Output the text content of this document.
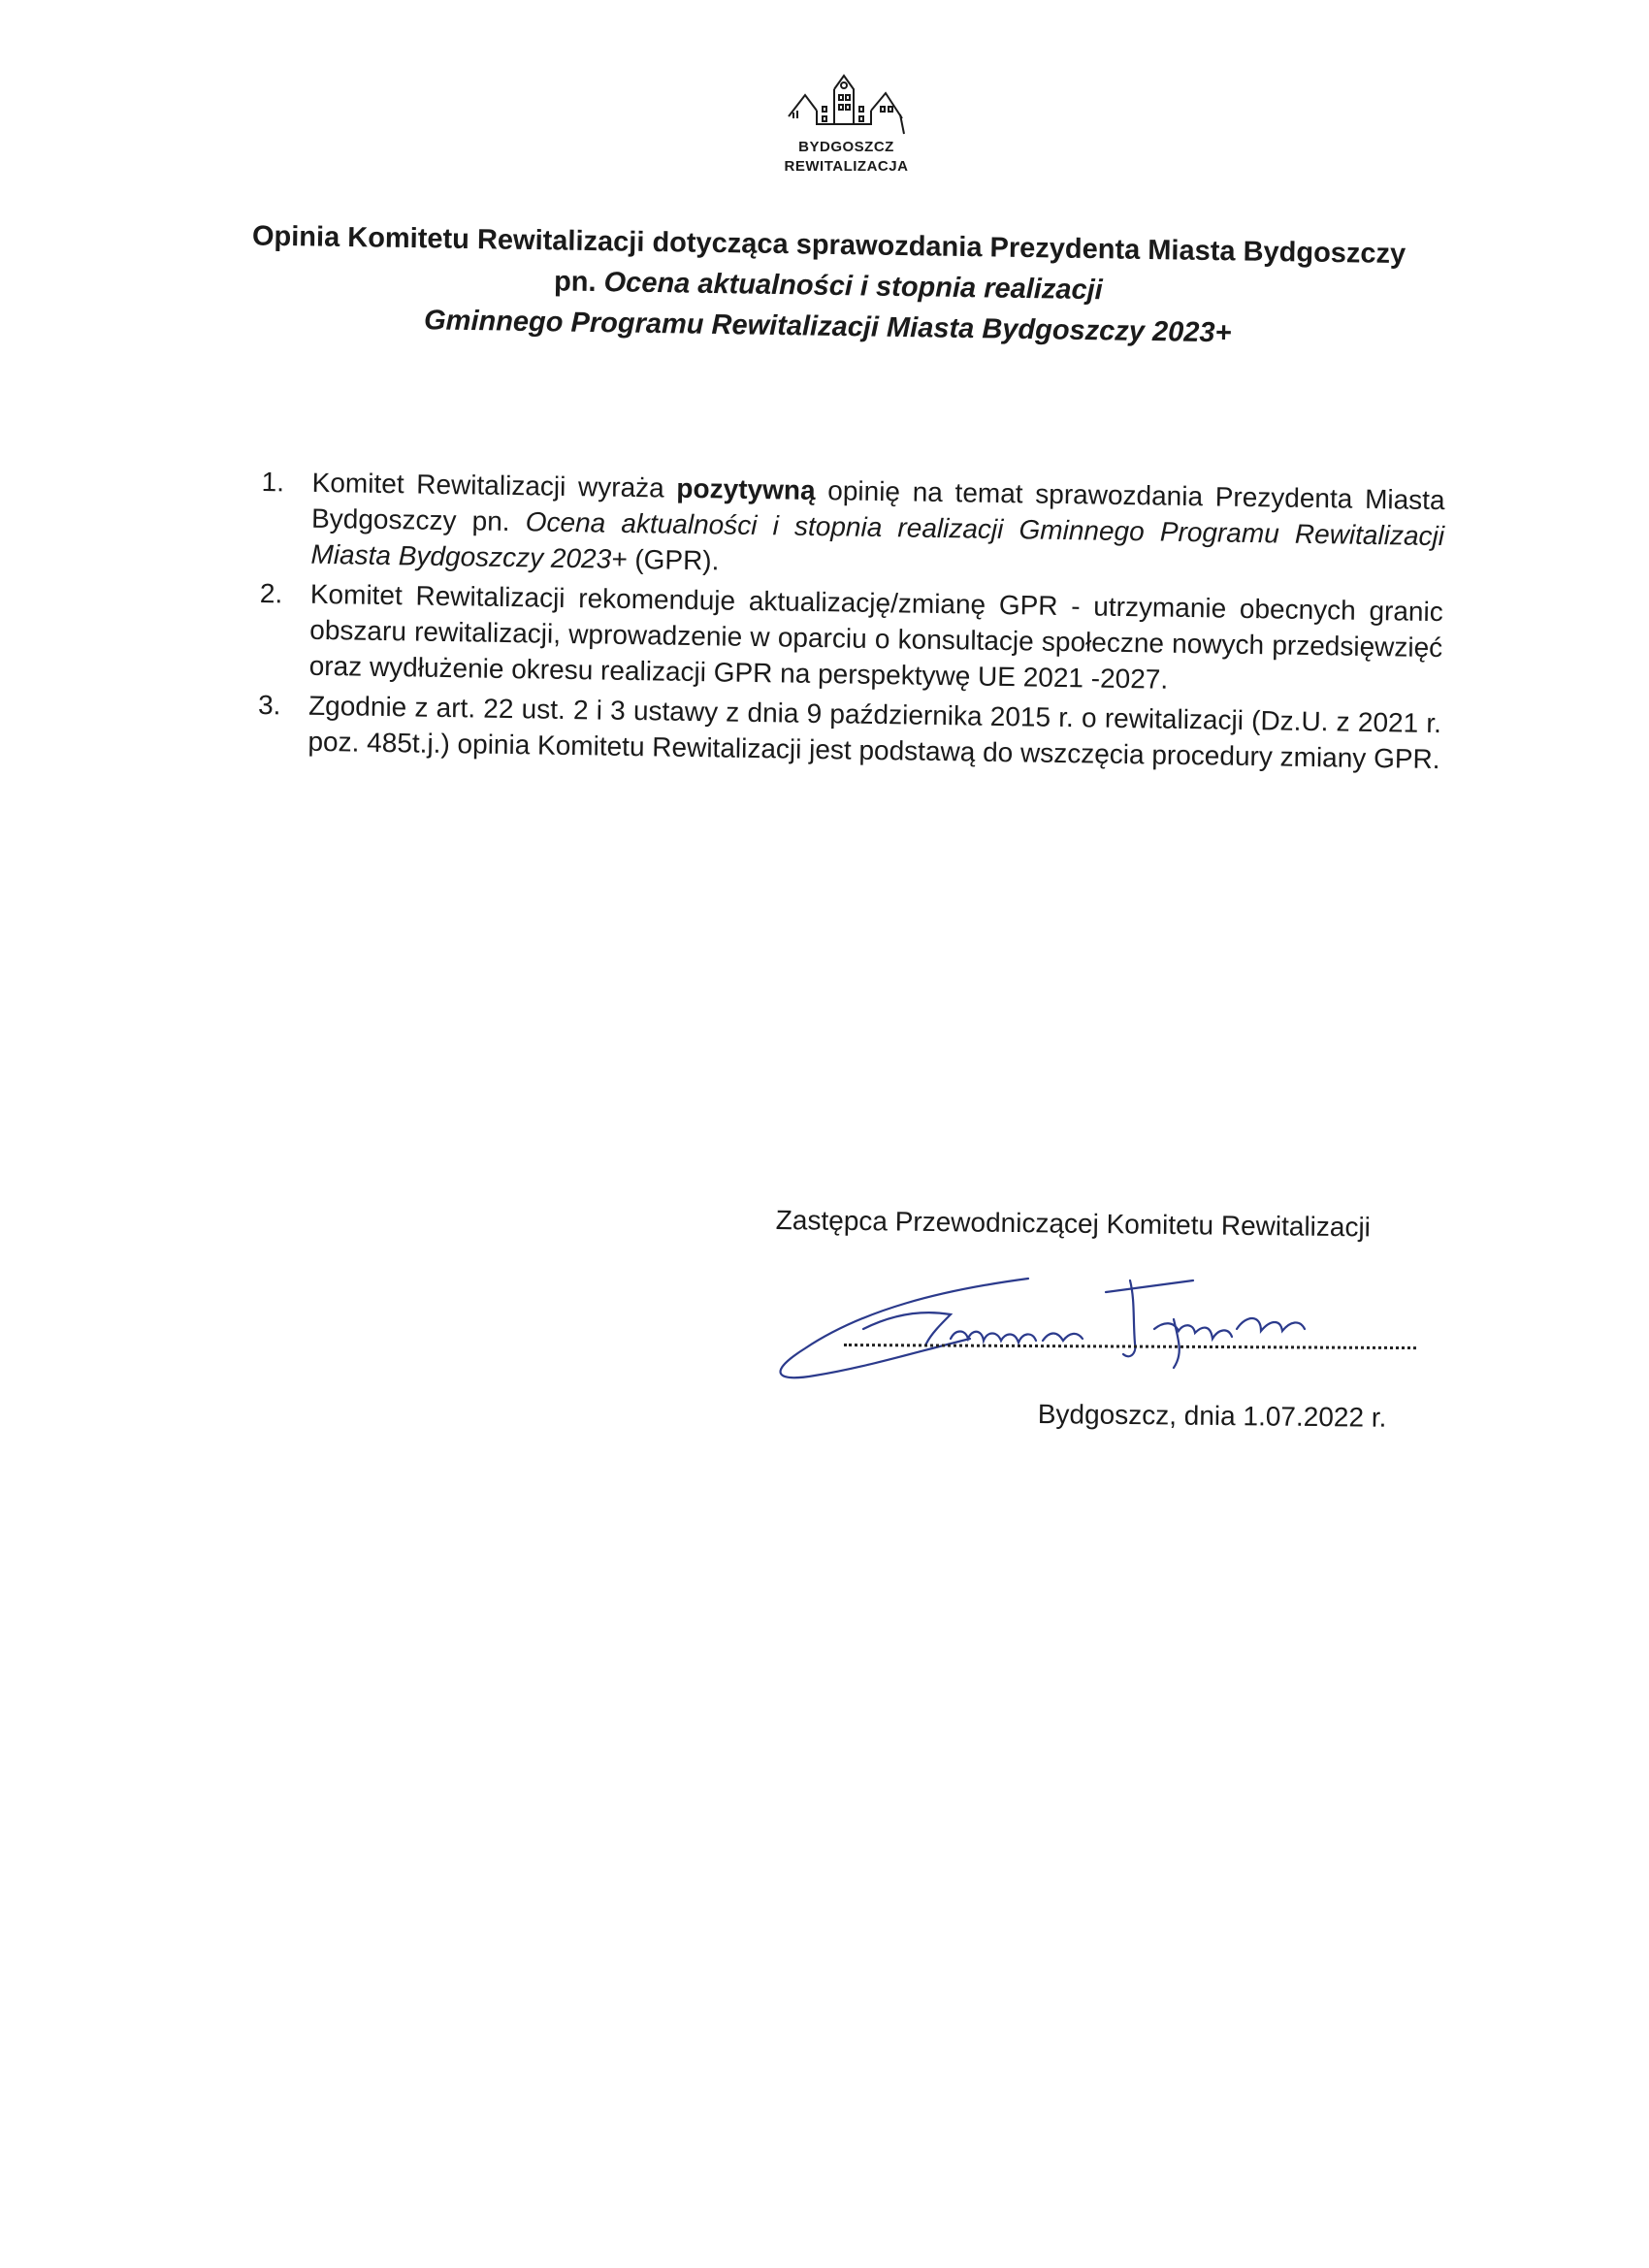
BYDGOSZCZ
REWITALIZACJA
Opinia Komitetu Rewitalizacji dotycząca sprawozdania Prezydenta Miasta Bydgoszczy
pn. Ocena aktualności i stopnia realizacji
Gminnego Programu Rewitalizacji Miasta Bydgoszczy 2023+
1.	Komitet Rewitalizacji wyraża pozytywną opinię na temat sprawozdania Prezydenta Miasta Bydgoszczy pn. Ocena aktualności i stopnia realizacji Gminnego Programu Rewitalizacji Miasta Bydgoszczy 2023+ (GPR).
2.	Komitet Rewitalizacji rekomenduje aktualizację/zmianę GPR - utrzymanie obecnych granic obszaru rewitalizacji, wprowadzenie w oparciu o konsultacje społeczne nowych przedsięwzięć oraz wydłużenie okresu realizacji GPR na perspektywę UE 2021 -2027.
3.	Zgodnie z art. 22 ust. 2 i 3 ustawy z dnia 9 października 2015 r. o rewitalizacji (Dz.U. z 2021 r. poz. 485t.j.) opinia Komitetu Rewitalizacji jest podstawą do wszczęcia procedury zmiany GPR.
Zastępca Przewodniczącej Komitetu Rewitalizacji
Bydgoszcz, dnia 1.07.2022 r.
